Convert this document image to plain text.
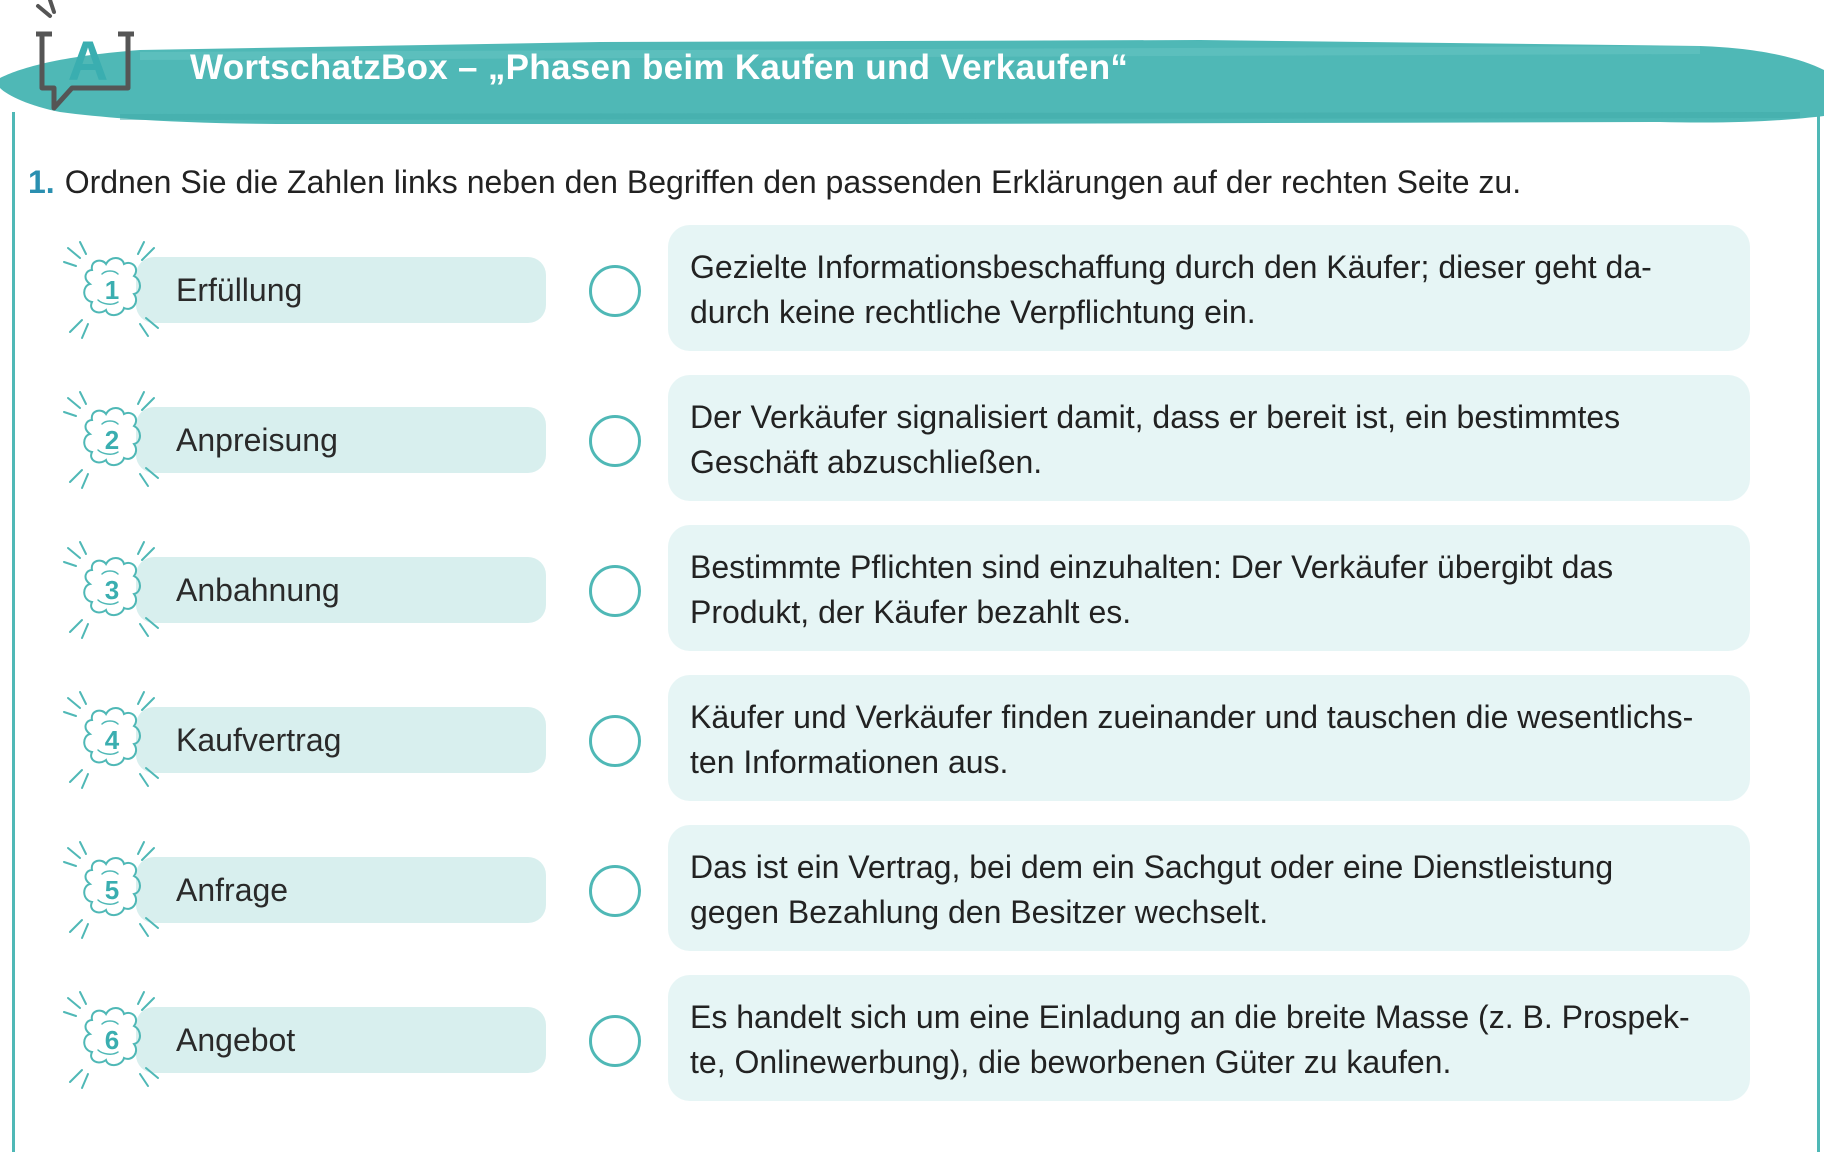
WortschatzBox – „Phasen beim Kaufen und Verkaufen“
A
1. Ordnen Sie die Zahlen links neben den Begriffen den passenden Erklärungen auf der rechten Seite zu.
Erfüllung
1
Gezielte Informationsbeschaffung durch den Käufer; dieser geht da-
durch keine rechtliche Verpflichtung ein.
Anpreisung
2
Der Verkäufer signalisiert damit, dass er bereit ist, ein bestimmtes
Geschäft abzuschließen.
Anbahnung
3
Bestimmte Pflichten sind einzuhalten: Der Verkäufer übergibt das
Produkt, der Käufer bezahlt es.
Kaufvertrag
4
Käufer und Verkäufer finden zueinander und tauschen die wesentlichs-
ten Informationen aus.
Anfrage
5
Das ist ein Vertrag, bei dem ein Sachgut oder eine Dienstleistung
gegen Bezahlung den Besitzer wechselt.
Angebot
6
Es handelt sich um eine Einladung an die breite Masse (z. B. Prospek-
te, Onlinewerbung), die beworbenen Güter zu kaufen.
